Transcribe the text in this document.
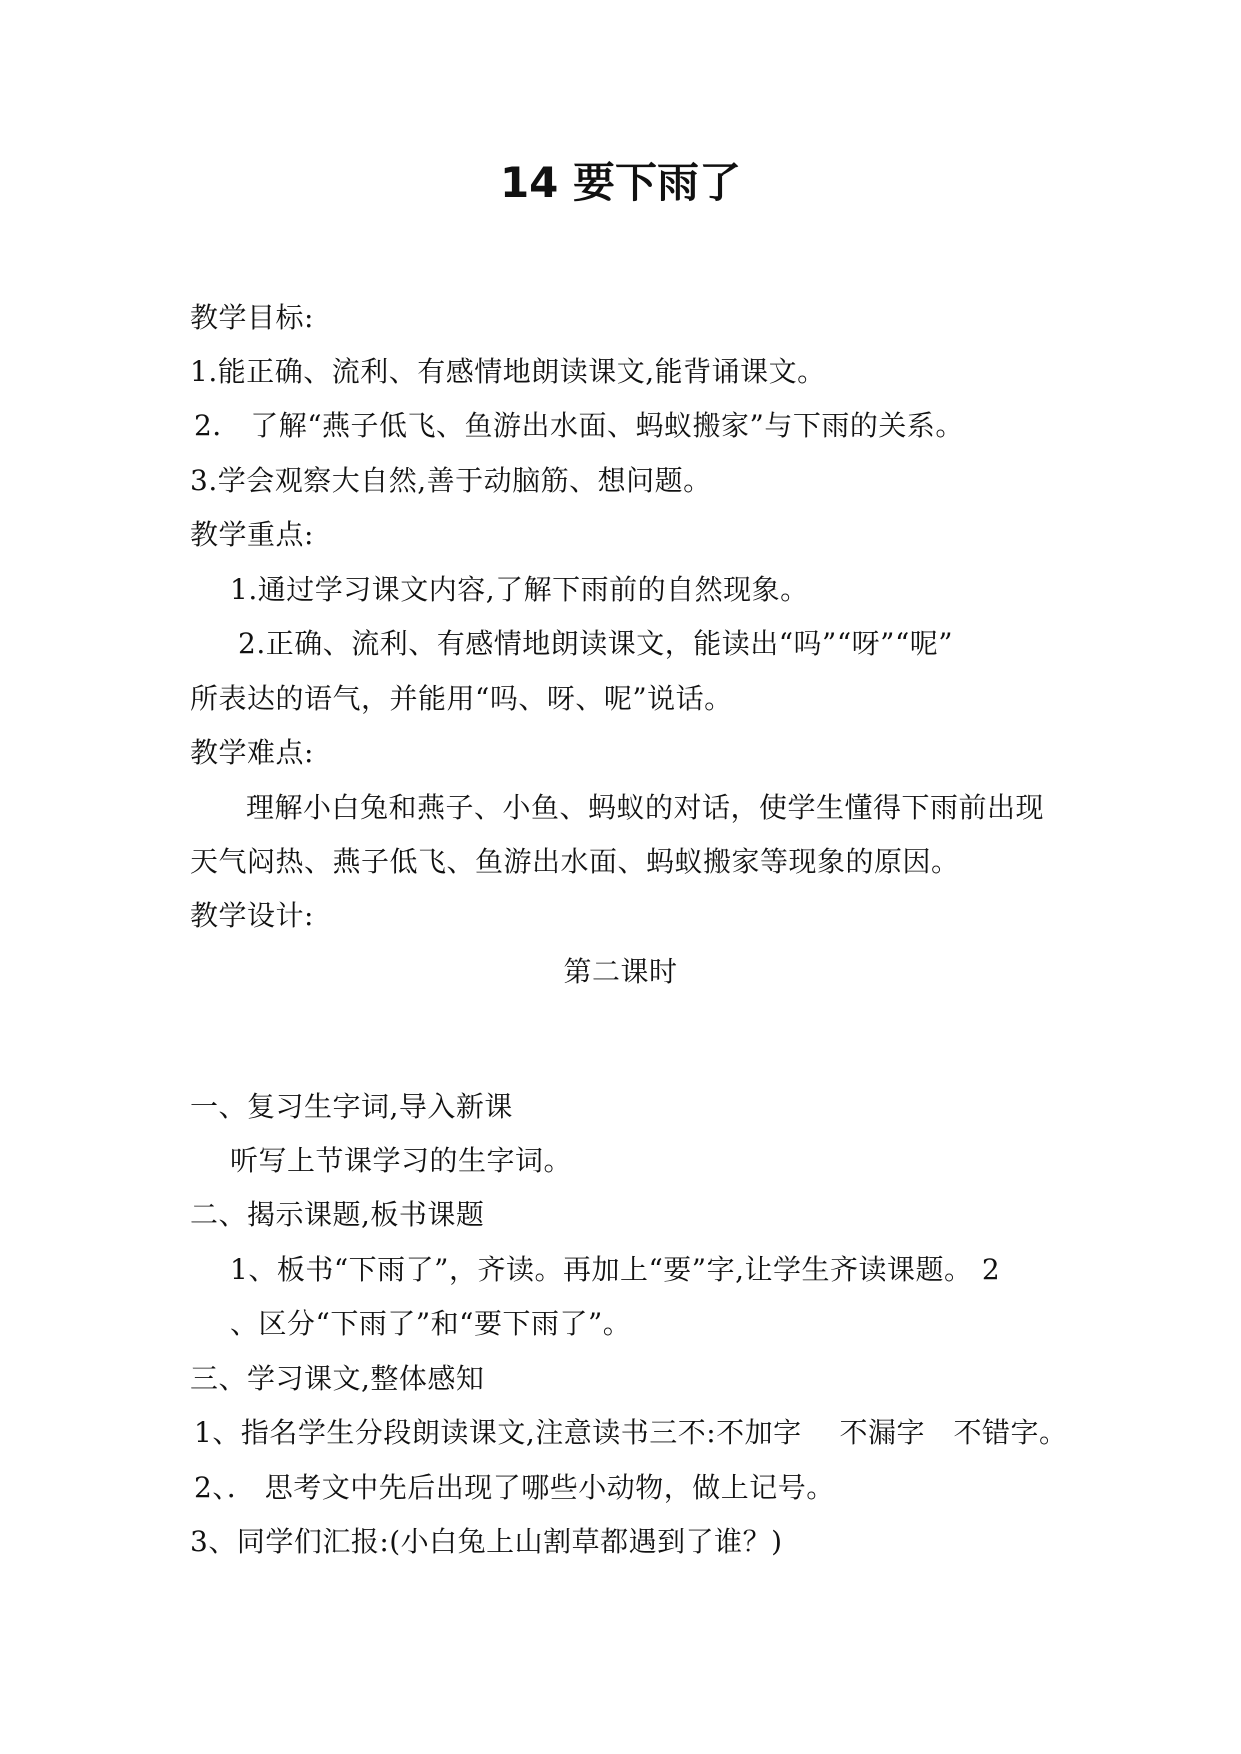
14 要下雨了
教学目标:
1.能正确、流利、有感情地朗读课文,能背诵课文。
2． 了解“燕子低飞、鱼游出水面、蚂蚁搬家”与下雨的关系。
3.学会观察大自然,善于动脑筋、想问题。
教学重点:
1.通过学习课文内容,了解下雨前的自然现象。
2.正确、流利、有感情地朗读课文，能读出“吗”“呀”“呢”
所表达的语气，并能用“吗、呀、呢”说话。
教学难点:
理解小白兔和燕子、小鱼、蚂蚁的对话，使学生懂得下雨前出现
天气闷热、燕子低飞、鱼游出水面、蚂蚁搬家等现象的原因。
教学设计:
第二课时
一、复习生字词,导入新课
听写上节课学习的生字词。
二、揭示课题,板书课题
1、板书“下雨了”，齐读。再加上“要”字,让学生齐读课题。 2
、区分“下雨了”和“要下雨了”。
三、学习课文,整体感知
1、指名学生分段朗读课文,注意读书三不:不加字　 不漏字　不错字。
2、． 思考文中先后出现了哪些小动物，做上记号。
3、同学们汇报:(小白兔上山割草都遇到了谁？)
